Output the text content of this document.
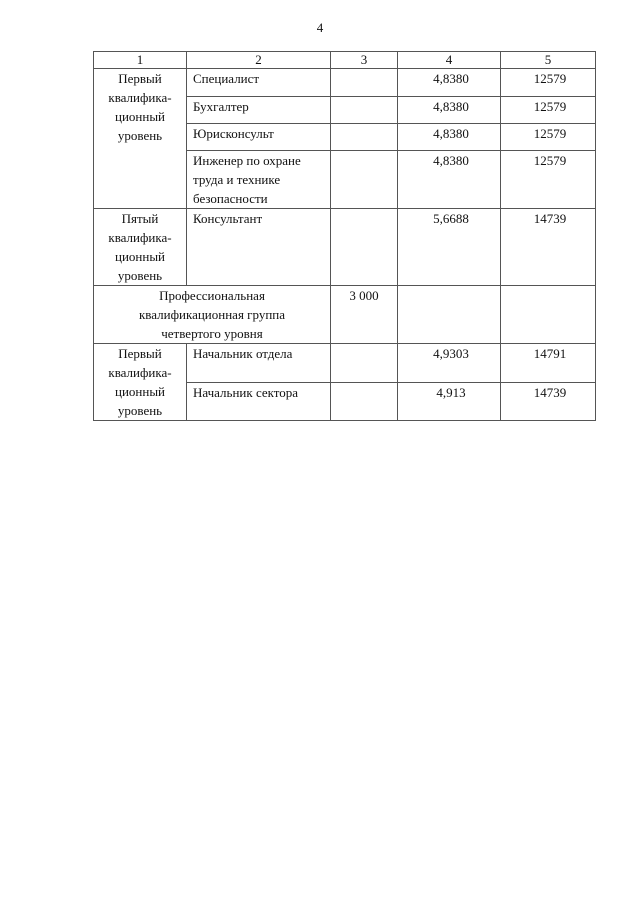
4
1	2	3	4	5

Первый
квалифика-
ционный
уровень	Специалист		4,8380	12579
	Бухгалтер		4,8380	12579
	Юрисконсульт		4,8380	12579

	Инженер по охране
труда и технике
безопасности		4,8380	12579

Пятый
квалифика-
ционный
уровень	Консультант		5,6688	14739

Профессиональная
квалификационная группа
четвертого уровня		3 000		

Первый
квалифика-
ционный
уровень	Начальник отдела		4,9303	14791
	Начальник сектора		4,913	14739
